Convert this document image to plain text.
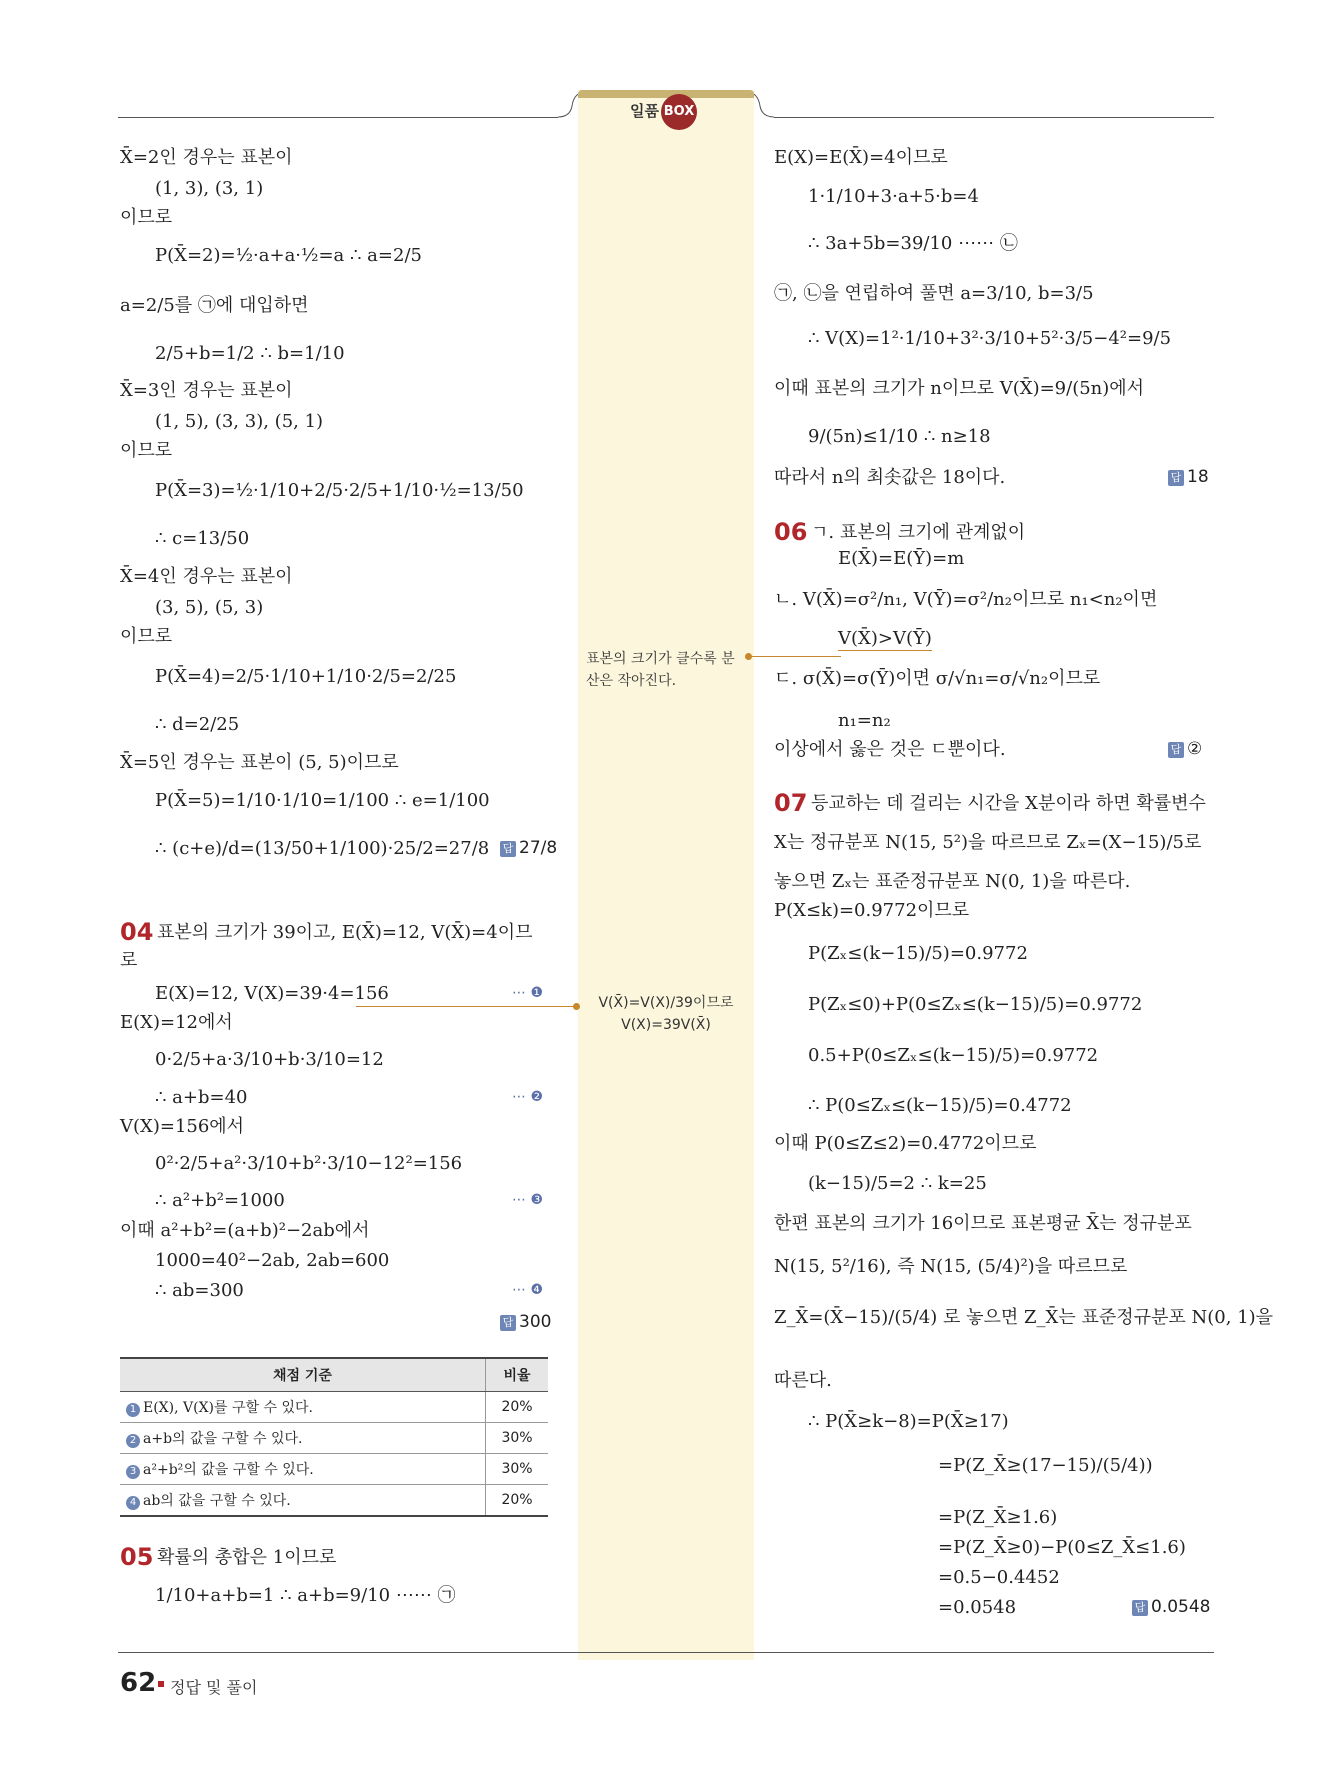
일품 BOX
X̄=2인 경우는 표본이
(1, 3), (3, 1)
이므로
P(X̄=2)=½·a+a·½=a ∴ a=2/5
a=2/5를 ㉠에 대입하면
2/5+b=1/2 ∴ b=1/10
X̄=3인 경우는 표본이
(1, 5), (3, 3), (5, 1)
이므로
P(X̄=3)=½·1/10+2/5·2/5+1/10·½=13/50
∴ c=13/50
X̄=4인 경우는 표본이
(3, 5), (5, 3)
이므로
P(X̄=4)=2/5·1/10+1/10·2/5=2/25
∴ d=2/25
X̄=5인 경우는 표본이 (5, 5)이므로
P(X̄=5)=1/10·1/10=1/100 ∴ e=1/100
∴ (c+e)/d=(13/50+1/100)·25/2=27/8 답 27/8
04 표본의 크기가 39이고, E(X̄)=12, V(X̄)=4이므
로
E(X)=12, V(X)=39·4=156	⋯ ❶
E(X)=12에서
0·2/5+a·3/10+b·3/10=12
∴ a+b=40	⋯ ❷
V(X)=156에서
0²·2/5+a²·3/10+b²·3/10−12²=156
∴ a²+b²=1000	⋯ ❸
이때 a²+b²=(a+b)²−2ab에서
1000=40²−2ab, 2ab=600
∴ ab=300	⋯ ❹
답 300
채점 기준	비율
1 E(X), V(X)를 구할 수 있다.	20%
2 a+b의 값을 구할 수 있다.	30%
3 a²+b²의 값을 구할 수 있다.	30%
4 ab의 값을 구할 수 있다.	20%
05 확률의 총합은 1이므로
1/10+a+b=1 ∴ a+b=9/10 ⋯⋯ ㉠
표본의 크기가 클수록 분
산은 작아진다.
V(X̄)=V(X)/39이므로
V(X)=39V(X̄)
E(X)=E(X̄)=4이므로
1·1/10+3·a+5·b=4
∴ 3a+5b=39/10 ⋯⋯ ㉡
㉠, ㉡을 연립하여 풀면 a=3/10, b=3/5
∴ V(X)=1²·1/10+3²·3/10+5²·3/5−4²=9/5
이때 표본의 크기가 n이므로 V(X̄)=9/(5n)에서
9/(5n)≤1/10 ∴ n≥18
따라서 n의 최솟값은 18이다.	답 18
06 ㄱ. 표본의 크기에 관계없이
E(X̄)=E(Ȳ)=m
ㄴ. V(X̄)=σ²/n₁, V(Ȳ)=σ²/n₂이므로 n₁<n₂이면
V(X̄)>V(Ȳ)
ㄷ. σ(X̄)=σ(Ȳ)이면 σ/√n₁=σ/√n₂이므로
n₁=n₂
이상에서 옳은 것은 ㄷ뿐이다.	답 ②
07 등교하는 데 걸리는 시간을 X분이라 하면 확률변수
X는 정규분포 N(15, 5²)을 따르므로 Zₓ=(X−15)/5로
놓으면 Zₓ는 표준정규분포 N(0, 1)을 따른다.
P(X≤k)=0.9772이므로
P(Zₓ≤(k−15)/5)=0.9772
P(Zₓ≤0)+P(0≤Zₓ≤(k−15)/5)=0.9772
0.5+P(0≤Zₓ≤(k−15)/5)=0.9772
∴ P(0≤Zₓ≤(k−15)/5)=0.4772
이때 P(0≤Z≤2)=0.4772이므로
(k−15)/5=2 ∴ k=25
한편 표본의 크기가 16이므로 표본평균 X̄는 정규분포
N(15, 5²/16), 즉 N(15, (5/4)²)을 따르므로
Z_X̄=(X̄−15)/(5/4) 로 놓으면 Z_X̄는 표준정규분포 N(0, 1)을
따른다.
∴ P(X̄≥k−8)=P(X̄≥17)
=P(Z_X̄≥(17−15)/(5/4))
=P(Z_X̄≥1.6)
=P(Z_X̄≥0)−P(0≤Z_X̄≤1.6)
=0.5−0.4452
=0.0548	답 0.0548
62 정답 및 풀이
